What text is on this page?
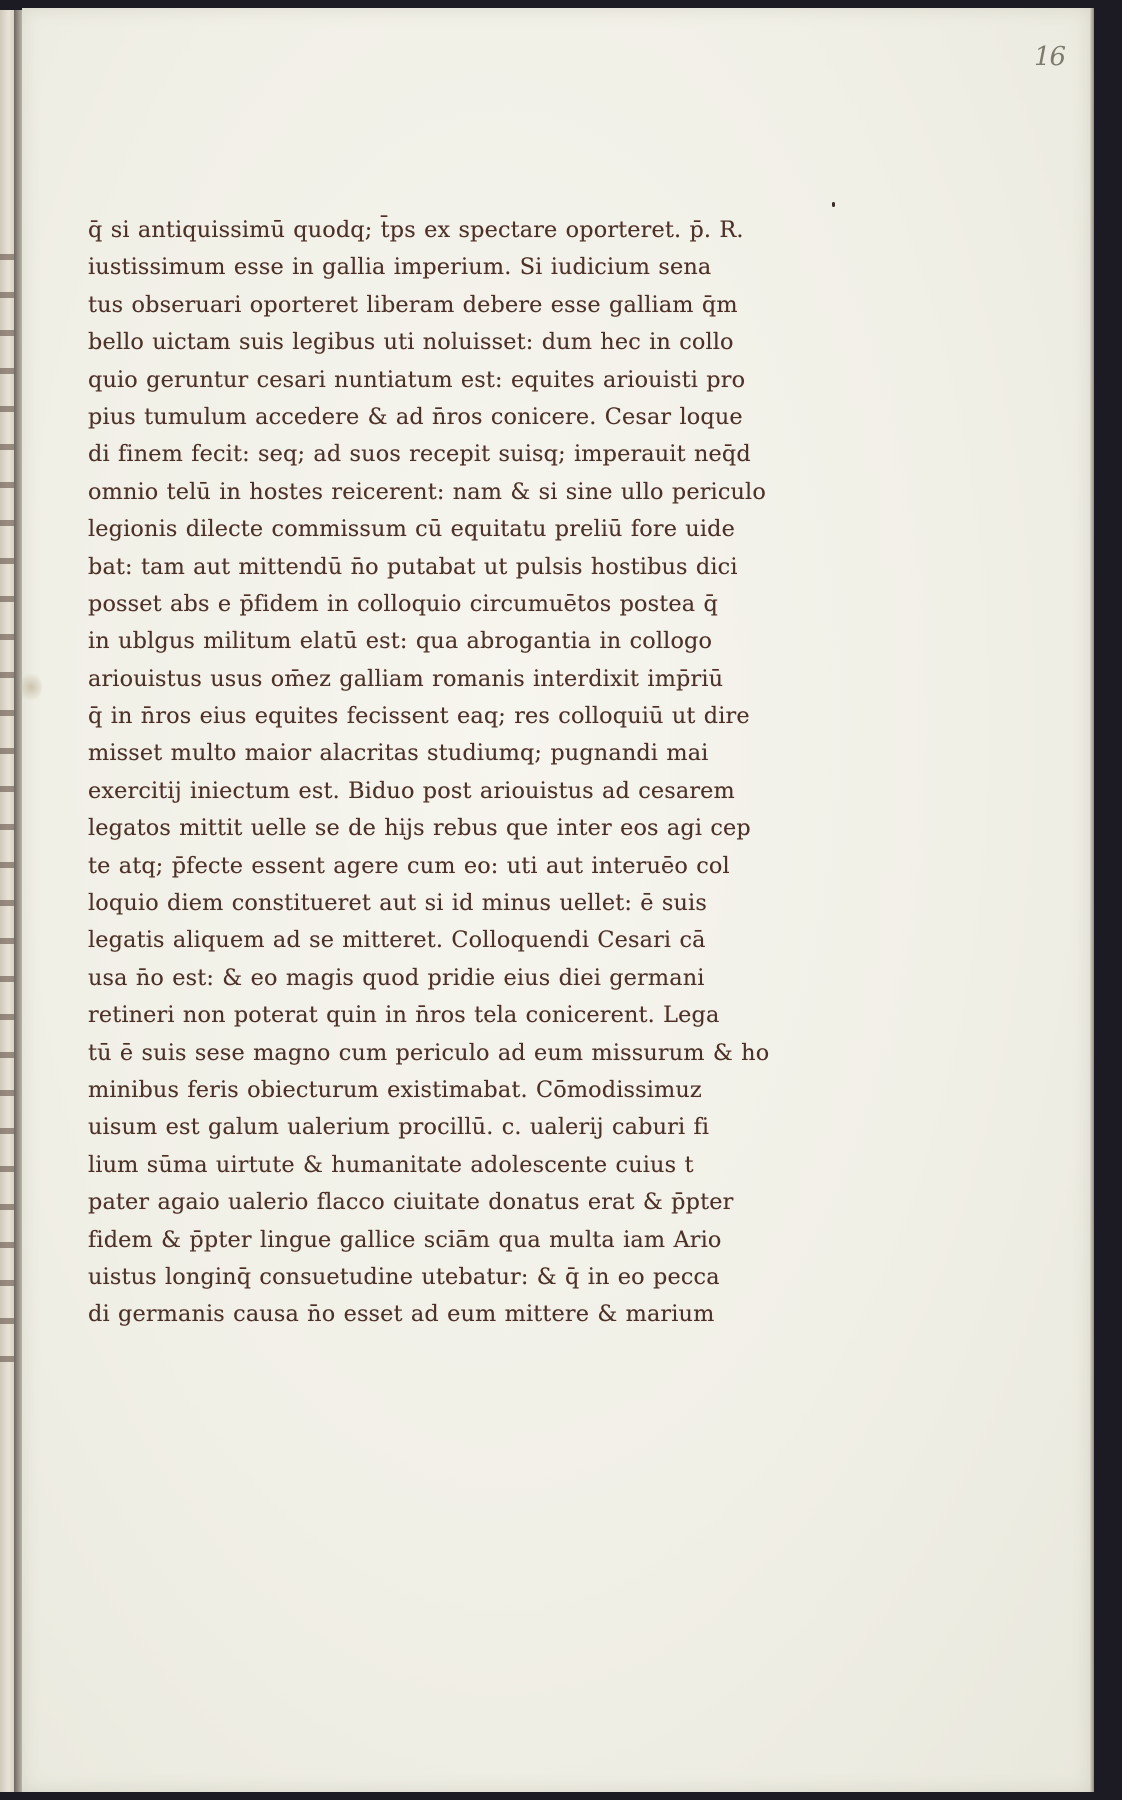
16
q̄ si antiquissimū quodq; t̄ps ex spectare oporteret. p̄. R.
iustissimum esse in gallia imperium. Si iudicium sena
tus obseruari oporteret liberam debere esse galliam q̄m
bello uictam suis legibus uti noluisset: dum hec in collo
quio geruntur cesari nuntiatum est: equites ariouisti pro
pius tumulum accedere & ad n̄ros conicere. Cesar loque
di finem fecit: seq; ad suos recepit suisq; imperauit neq̄d
omnio telū in hostes reicerent: nam & si sine ullo periculo
legionis dilecte commissum cū equitatu preliū fore uide
bat: tam aut mittendū n̄o putabat ut pulsis hostibus dici
posset abs e p̄fidem in colloquio circumuētos postea q̄
in ublgus militum elatū est: qua abrogantia in collogo
ariouistus usus om̄ez galliam romanis interdixit imp̄riū
q̄ in n̄ros eius equites fecissent eaq; res colloquiū ut dire
misset multo maior alacritas studiumq; pugnandi mai
exercitij iniectum est. Biduo post ariouistus ad cesarem
legatos mittit uelle se de hijs rebus que inter eos agi cep
te atq; p̄fecte essent agere cum eo: uti aut interuēo col
loquio diem constitueret aut si id minus uellet: ē suis
legatis aliquem ad se mitteret. Colloquendi Cesari cā
usa n̄o est: & eo magis quod pridie eius diei germani
retineri non poterat quin in n̄ros tela conicerent. Lega
tū ē suis sese magno cum periculo ad eum missurum & ho
minibus feris obiecturum existimabat. Cōmodissimuz
uisum est galum ualerium procillū. c. ualerij caburi fi
lium sūma uirtute & humanitate adolescente cuius t
pater agaio ualerio flacco ciuitate donatus erat & p̄pter
fidem & p̄pter lingue gallice sciām qua multa iam Ario
uistus longinq̄ consuetudine utebatur: & q̄ in eo pecca
di germanis causa n̄o esset ad eum mittere & marium
